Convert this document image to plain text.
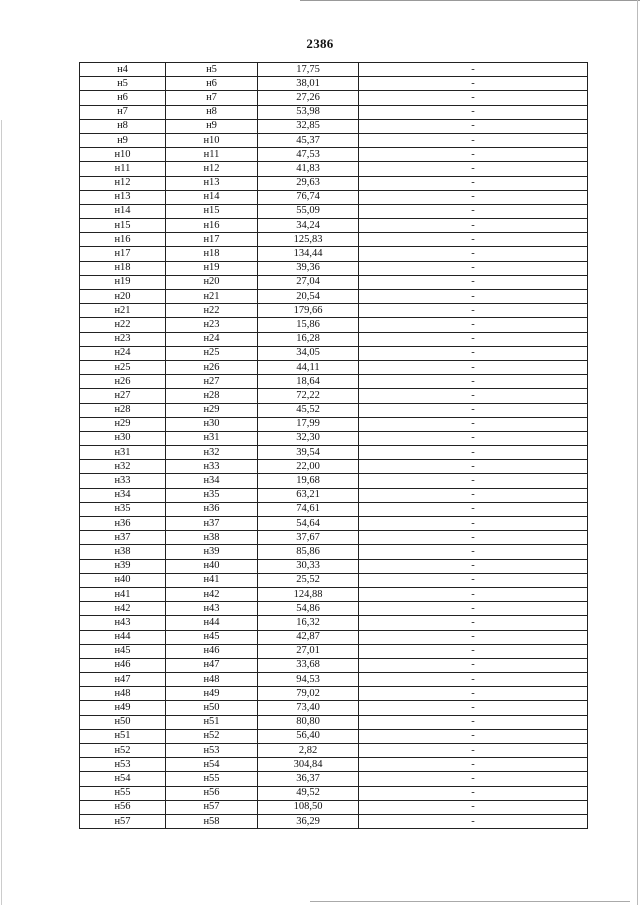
2386
н4	н5	17,75	-
н5	н6	38,01	-
н6	н7	27,26	-
н7	н8	53,98	-
н8	н9	32,85	-
н9	н10	45,37	-
н10	н11	47,53	-
н11	н12	41,83	-
н12	н13	29,63	-
н13	н14	76,74	-
н14	н15	55,09	-
н15	н16	34,24	-
н16	н17	125,83	-
н17	н18	134,44	-
н18	н19	39,36	-
н19	н20	27,04	-
н20	н21	20,54	-
н21	н22	179,66	-
н22	н23	15,86	-
н23	н24	16,28	-
н24	н25	34,05	-
н25	н26	44,11	-
н26	н27	18,64	-
н27	н28	72,22	-
н28	н29	45,52	-
н29	н30	17,99	-
н30	н31	32,30	-
н31	н32	39,54	-
н32	н33	22,00	-
н33	н34	19,68	-
н34	н35	63,21	-
н35	н36	74,61	-
н36	н37	54,64	-
н37	н38	37,67	-
н38	н39	85,86	-
н39	н40	30,33	-
н40	н41	25,52	-
н41	н42	124,88	-
н42	н43	54,86	-
н43	н44	16,32	-
н44	н45	42,87	-
н45	н46	27,01	-
н46	н47	33,68	-
н47	н48	94,53	-
н48	н49	79,02	-
н49	н50	73,40	-
н50	н51	80,80	-
н51	н52	56,40	-
н52	н53	2,82	-
н53	н54	304,84	-
н54	н55	36,37	-
н55	н56	49,52	-
н56	н57	108,50	-
н57	н58	36,29	-
